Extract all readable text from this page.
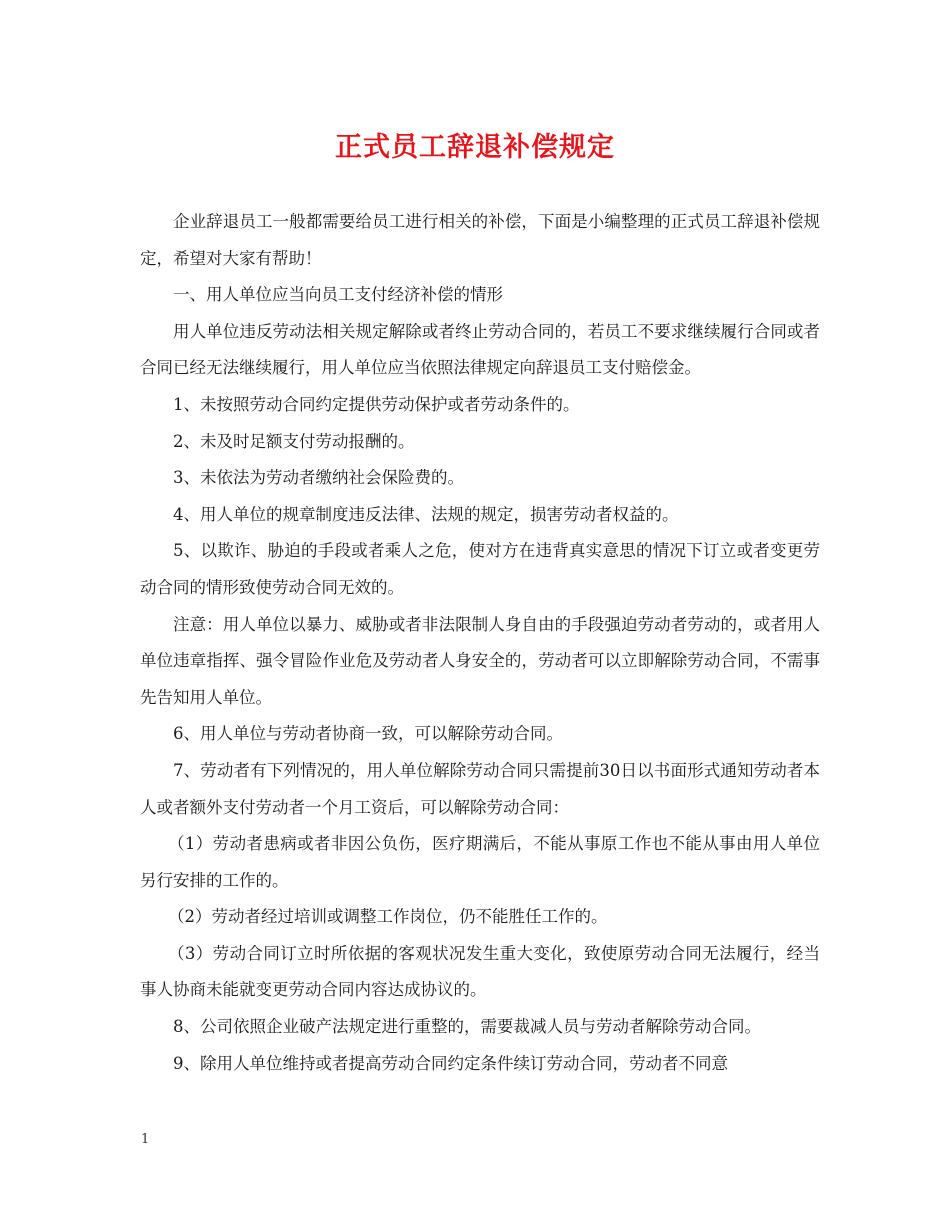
正式员工辞退补偿规定

企业辞退员工一般都需要给员工进行相关的补偿，下面是小编整理的正式员工辞退补偿规定，希望对大家有帮助！

一、用人单位应当向员工支付经济补偿的情形

用人单位违反劳动法相关规定解除或者终止劳动合同的，若员工不要求继续履行合同或者合同已经无法继续履行，用人单位应当依照法律规定向辞退员工支付赔偿金。

1、未按照劳动合同约定提供劳动保护或者劳动条件的。

2、未及时足额支付劳动报酬的。

3、未依法为劳动者缴纳社会保险费的。

4、用人单位的规章制度违反法律、法规的规定，损害劳动者权益的。

5、以欺诈、胁迫的手段或者乘人之危，使对方在违背真实意思的情况下订立或者变更劳动合同的情形致使劳动合同无效的。

注意：用人单位以暴力、威胁或者非法限制人身自由的手段强迫劳动者劳动的，或者用人单位违章指挥、强令冒险作业危及劳动者人身安全的，劳动者可以立即解除劳动合同，不需事先告知用人单位。

6、用人单位与劳动者协商一致，可以解除劳动合同。

7、劳动者有下列情况的，用人单位解除劳动合同只需提前30日以书面形式通知劳动者本人或者额外支付劳动者一个月工资后，可以解除劳动合同：

（1）劳动者患病或者非因公负伤，医疗期满后，不能从事原工作也不能从事由用人单位另行安排的工作的。

（2）劳动者经过培训或调整工作岗位，仍不能胜任工作的。

（3）劳动合同订立时所依据的客观状况发生重大变化，致使原劳动合同无法履行，经当事人协商未能就变更劳动合同内容达成协议的。

8、公司依照企业破产法规定进行重整的，需要裁减人员与劳动者解除劳动合同。

9、除用人单位维持或者提高劳动合同约定条件续订劳动合同，劳动者不同意

1
